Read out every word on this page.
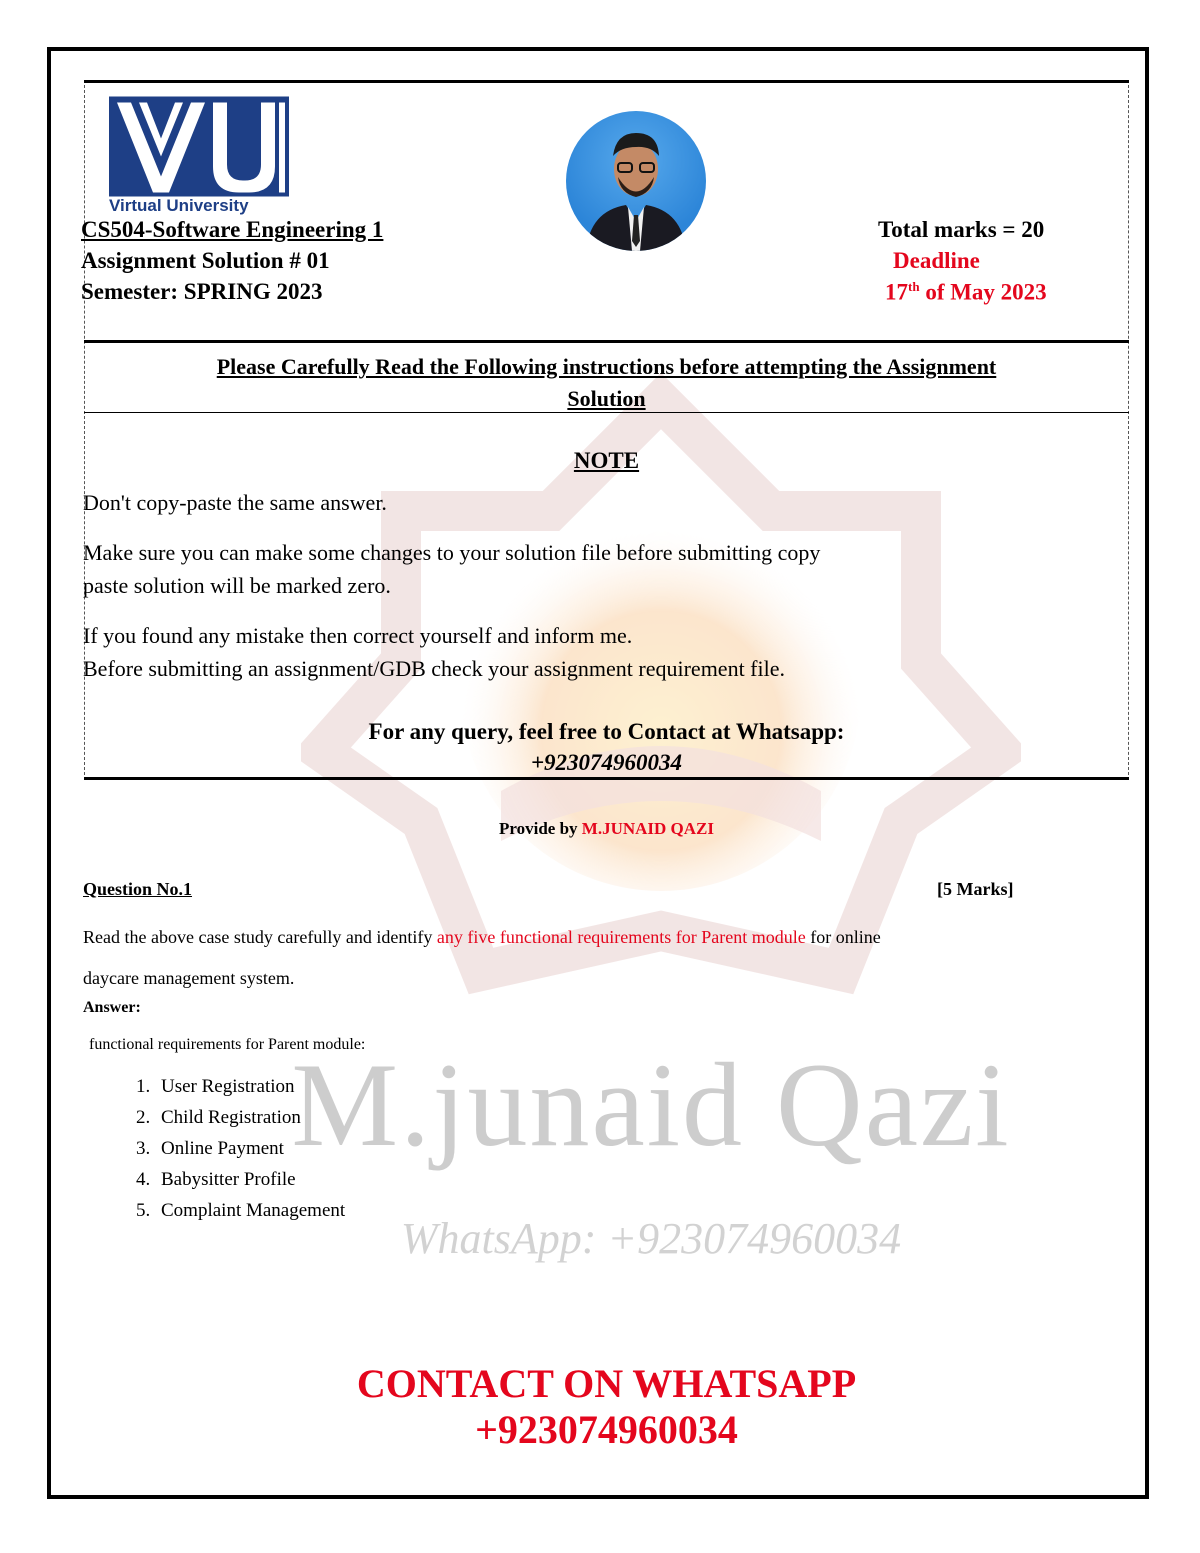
M.junaid Qazi
WhatsApp: +923074960034
Virtual University
CS504-Software Engineering 1
Assignment Solution # 01
Semester: SPRING 2023
Total marks = 20
Deadline
17th of May 2023
Please Carefully Read the Following instructions before attempting the Assignment
Solution
NOTE
Don't copy-paste the same answer.
Make sure you can make some changes to your solution file before submitting copy
paste solution will be marked zero.
If you found any mistake then correct yourself and inform me.
Before submitting an assignment/GDB check your assignment requirement file.
For any query, feel free to Contact at Whatsapp:
+923074960034
Provide by M.JUNAID QAZI
Question No.1	[5 Marks]
Read the above case study carefully and identify any five functional requirements for Parent module for online
daycare management system.
Answer:
functional requirements for Parent module:
1. User Registration
2. Child Registration
3. Online Payment
4. Babysitter Profile
5. Complaint Management
CONTACT ON WHATSAPP
+923074960034
